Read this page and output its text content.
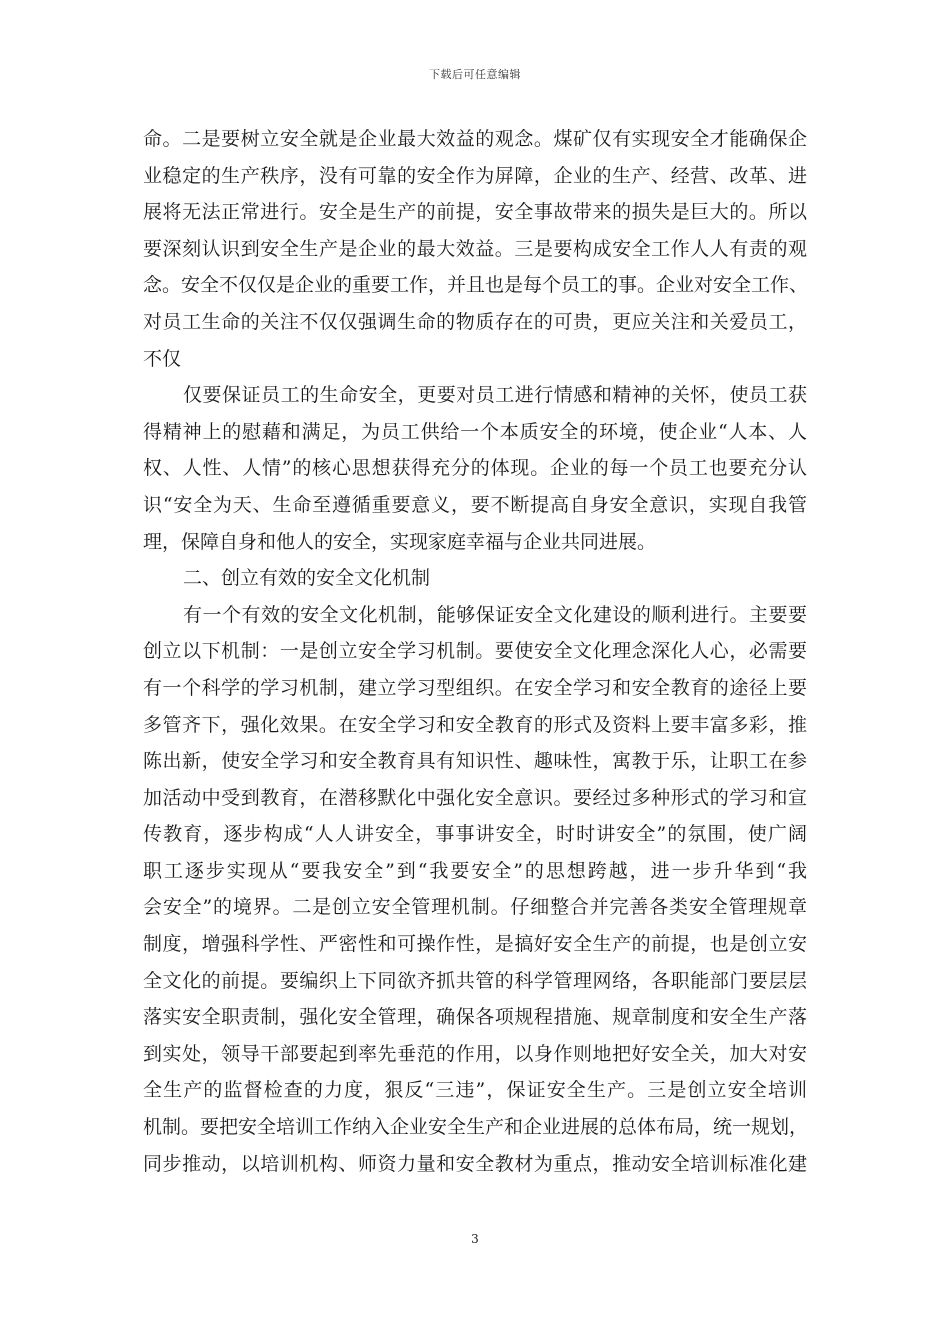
下载后可任意编辑
命。二是要树立安全就是企业最大效益的观念。煤矿仅有实现安全才能确保企
业稳定的生产秩序，没有可靠的安全作为屏障，企业的生产、经营、改革、进
展将无法正常进行。安全是生产的前提，安全事故带来的损失是巨大的。所以
要深刻认识到安全生产是企业的最大效益。三是要构成安全工作人人有责的观
念。安全不仅仅是企业的重要工作，并且也是每个员工的事。企业对安全工作、
对员工生命的关注不仅仅强调生命的物质存在的可贵，更应关注和关爱员工，
不仅
仅要保证员工的生命安全，更要对员工进行情感和精神的关怀，使员工获
得精神上的慰藉和满足，为员工供给一个本质安全的环境，使企业“人本、人
权、人性、人情”的核心思想获得充分的体现。企业的每一个员工也要充分认
识“安全为天、生命至遵循重要意义，要不断提高自身安全意识，实现自我管
理，保障自身和他人的安全，实现家庭幸福与企业共同进展。
二、创立有效的安全文化机制
有一个有效的安全文化机制，能够保证安全文化建设的顺利进行。主要要
创立以下机制：一是创立安全学习机制。要使安全文化理念深化人心，必需要
有一个科学的学习机制，建立学习型组织。在安全学习和安全教育的途径上要
多管齐下，强化效果。在安全学习和安全教育的形式及资料上要丰富多彩，推
陈出新，使安全学习和安全教育具有知识性、趣味性，寓教于乐，让职工在参
加活动中受到教育，在潜移默化中强化安全意识。要经过多种形式的学习和宣
传教育，逐步构成“人人讲安全，事事讲安全，时时讲安全”的氛围，使广阔
职工逐步实现从“要我安全”到“我要安全”的思想跨越，进一步升华到“我
会安全”的境界。二是创立安全管理机制。仔细整合并完善各类安全管理规章
制度，增强科学性、严密性和可操作性，是搞好安全生产的前提，也是创立安
全文化的前提。要编织上下同欲齐抓共管的科学管理网络，各职能部门要层层
落实安全职责制，强化安全管理，确保各项规程措施、规章制度和安全生产落
到实处，领导干部要起到率先垂范的作用，以身作则地把好安全关，加大对安
全生产的监督检查的力度，狠反“三违”，保证安全生产。三是创立安全培训
机制。要把安全培训工作纳入企业安全生产和企业进展的总体布局，统一规划，
同步推动，以培训机构、师资力量和安全教材为重点，推动安全培训标准化建
3
